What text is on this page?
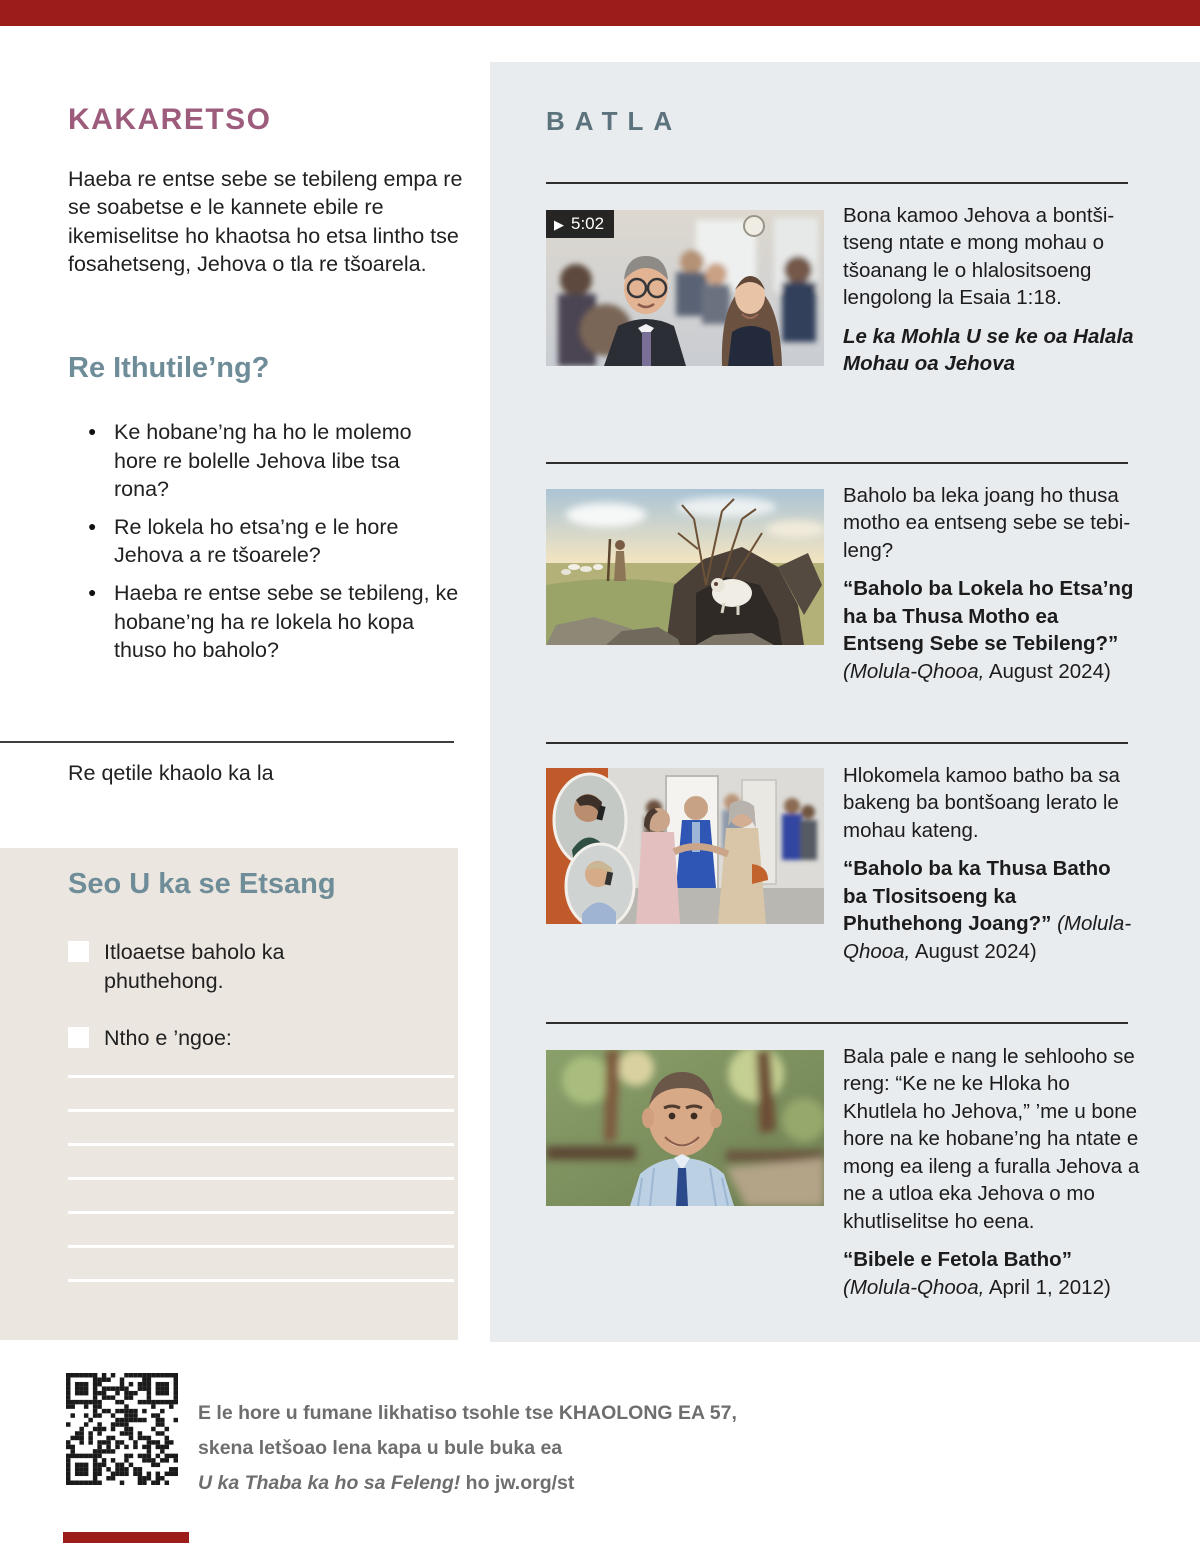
KAKARETSO
Haeba re entse sebe se tebileng empa re se soabetse e le kannete ebile re ikemiselitse ho khaotsa ho etsa lintho tse fosahetseng, Jehova o tla re tšoarela.
Re Ithutile’ng?
● Ke hobane’ng ha ho le molemo hore re bolelle Jehova libe tsa rona?
● Re lokela ho etsa’ng e le hore Jehova a re tšoarele?
● Haeba re entse sebe se tebileng, ke hobane’ng ha re lokela ho kopa thuso ho baholo?
Re qetile khaolo ka la
Seo U ka se Etsang
Itloaetse baholo ka phuthehong.
Ntho e ’ngoe:
BATLA
▶ 5:02	Bona kamoo Jehova a bontši-tseng ntate e mong mohau o tšoanang le o hlalositsoeng lengolong la Esaia 1:18.

Le ka Mohla U se ke oa Halala Mohau oa Jehova

Baholo ba leka joang ho thusa motho ea entseng sebe se tebi-leng?

“Baholo ba Lokela ho Etsa’ng ha ba Thusa Motho ea Entseng Sebe se Tebileng?”
(Molula-Qhooa, August 2024)

Hlokomela kamoo batho ba sa bakeng ba bontšoang lerato le mohau kateng.

“Baholo ba ka Thusa Batho ba Tlositsoeng ka Phuthehong Joang?” (Molula-Qhooa, August 2024)

Bala pale e nang le sehlooho se reng: “Ke ne ke Hloka ho Khutlela ho Jehova,” ’me u bone hore na ke hobane’ng ha ntate e mong ea ileng a furalla Jehova a ne a utloa eka Jehova o mo khutliselitse ho eena.

“Bibele e Fetola Batho”
(Molula-Qhooa, April 1, 2012)

E le hore u fumane likhatiso tsohle tse KHAOLONG EA 57,
skena letšoao lena kapa u bule buka ea
U ka Thaba ka ho sa Feleng! ho jw.org/st
